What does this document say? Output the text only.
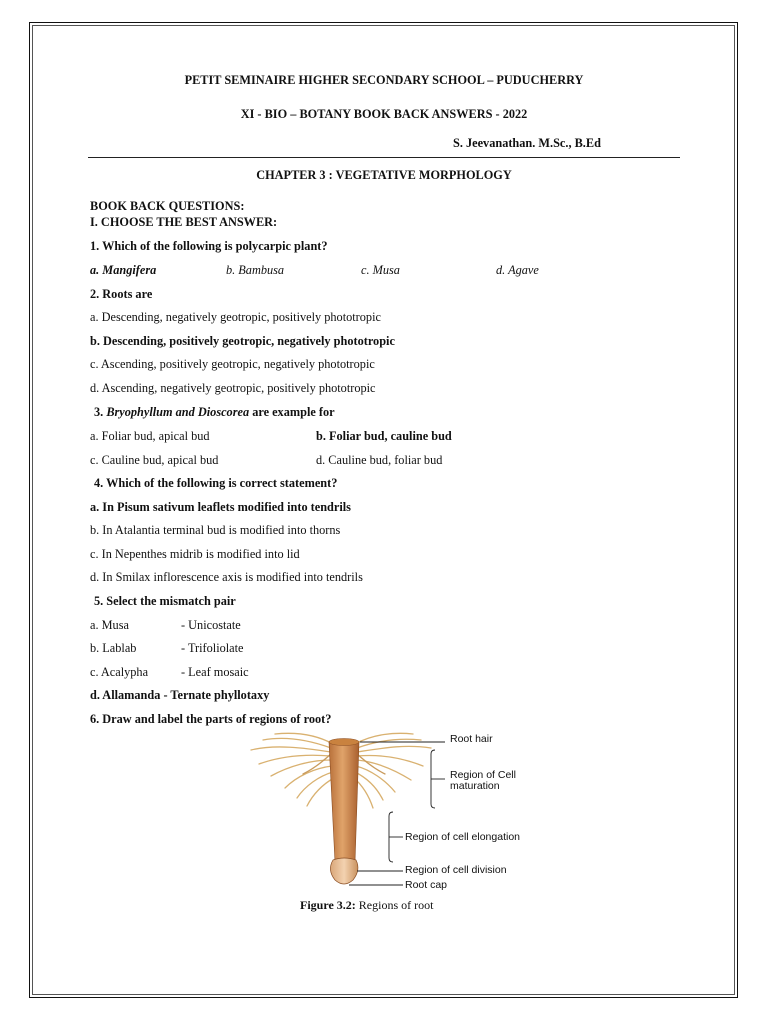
PETIT SEMINAIRE HIGHER SECONDARY SCHOOL – PUDUCHERRY
XI - BIO – BOTANY BOOK BACK ANSWERS - 2022
S. Jeevanathan. M.Sc., B.Ed
CHAPTER 3 : VEGETATIVE MORPHOLOGY
BOOK BACK QUESTIONS:
I. CHOOSE THE BEST ANSWER:
1. Which of the following is polycarpic plant?
a. Mangifera	b. Bambusa	c. Musa	d. Agave
2. Roots are
a. Descending, negatively geotropic, positively phototropic
b. Descending, positively geotropic, negatively phototropic
c. Ascending, positively geotropic, negatively phototropic
d. Ascending, negatively geotropic, positively phototropic
3. Bryophyllum and Dioscorea are example for
a. Foliar bud, apical bud	b. Foliar bud, cauline bud
c. Cauline bud, apical bud	d. Cauline bud, foliar bud
4. Which of the following is correct statement?
a. In Pisum sativum leaflets modified into tendrils
b. In Atalantia terminal bud is modified into thorns
c. In Nepenthes midrib is modified into lid
d. In Smilax inflorescence axis is modified into tendrils
5. Select the mismatch pair
a. Musa	- Unicostate
b. Lablab	- Trifoliolate
c. Acalypha	- Leaf mosaic
d. Allamanda - Ternate phyllotaxy
6. Draw and label the parts of regions of root?
Root hair
Region of Cell
maturation
Region of cell elongation
Region of cell division
Root cap
Figure 3.2: Regions of root
